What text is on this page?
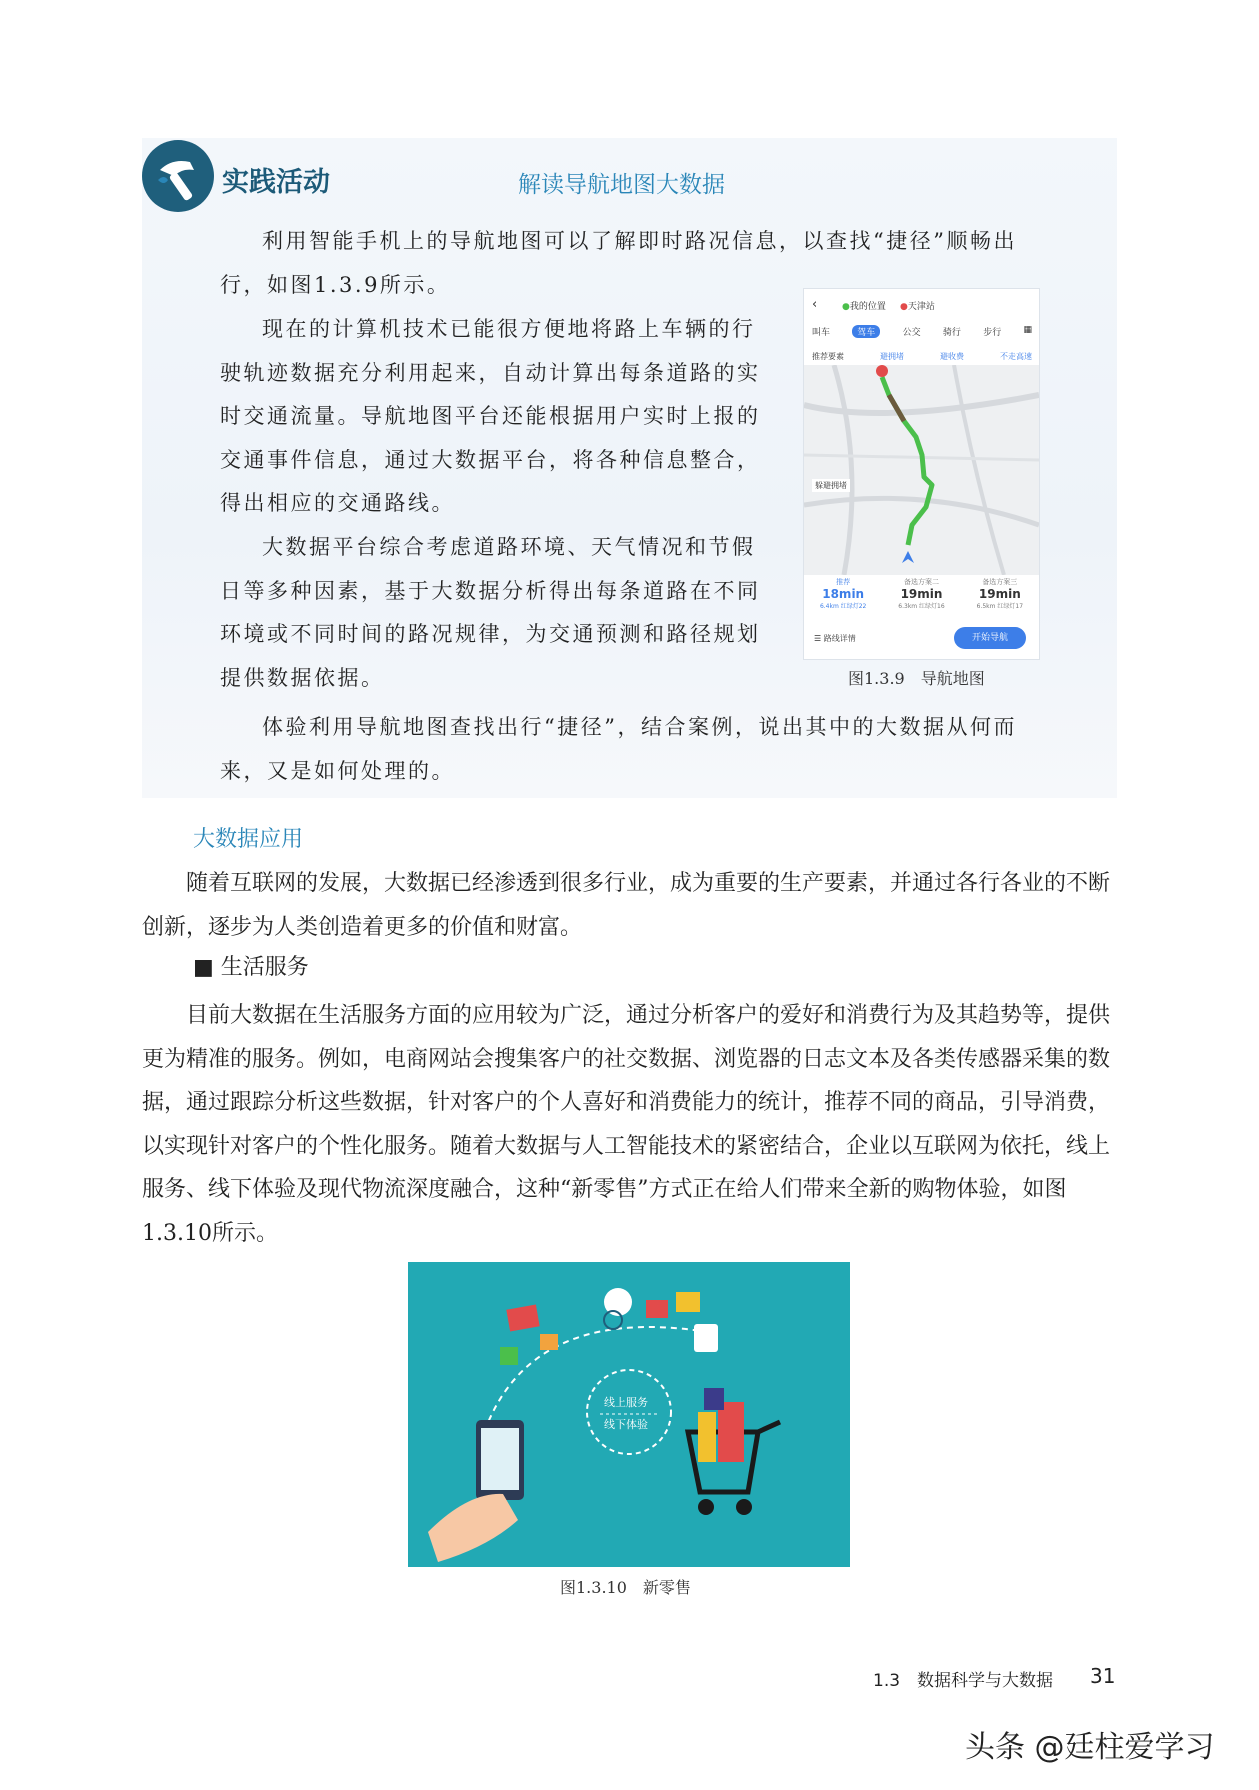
实践活动	解读导航地图大数据
利用智能手机上的导航地图可以了解即时路况信息，以查找“捷径”顺畅出行，如图1.3.9所示。
现在的计算机技术已能很方便地将路上车辆的行驶轨迹数据充分利用起来，自动计算出每条道路的实时交通流量。导航地图平台还能根据用户实时上报的交通事件信息，通过大数据平台，将各种信息整合，得出相应的交通路线。
大数据平台综合考虑道路环境、天气情况和节假日等多种因素，基于大数据分析得出每条道路在不同环境或不同时间的路况规律，为交通预测和路径规划提供数据依据。
体验利用导航地图查找出行“捷径”，结合案例，说出其中的大数据从何而来，又是如何处理的。
‹	●我的位置 ●天津站
叫车	驾车	公交 骑行 步行 ▦
推荐要素	避拥堵	避收费	不走高速
躲避拥堵
推荐
18min
6.4km 红绿灯22
备选方案二
19min
6.3km 红绿灯16
备选方案三
19min
6.5km 红绿灯17
☰ 路线详情	开始导航
图1.3.9　导航地图
大数据应用
随着互联网的发展，大数据已经渗透到很多行业，成为重要的生产要素，并通过各行各业的不断创新，逐步为人类创造着更多的价值和财富。
■ 生活服务
目前大数据在生活服务方面的应用较为广泛，通过分析客户的爱好和消费行为及其趋势等，提供更为精准的服务。例如，电商网站会搜集客户的社交数据、浏览器的日志文本及各类传感器采集的数据，通过跟踪分析这些数据，针对客户的个人喜好和消费能力的统计，推荐不同的商品，引导消费，以实现针对客户的个性化服务。随着大数据与人工智能技术的紧密结合，企业以互联网为依托，线上服务、线下体验及现代物流深度融合，这种“新零售”方式正在给人们带来全新的购物体验，如图1.3.10所示。
线上服务
线下体验
图1.3.10　新零售
1.3　数据科学与大数据 31
头条 @廷柱爱学习
